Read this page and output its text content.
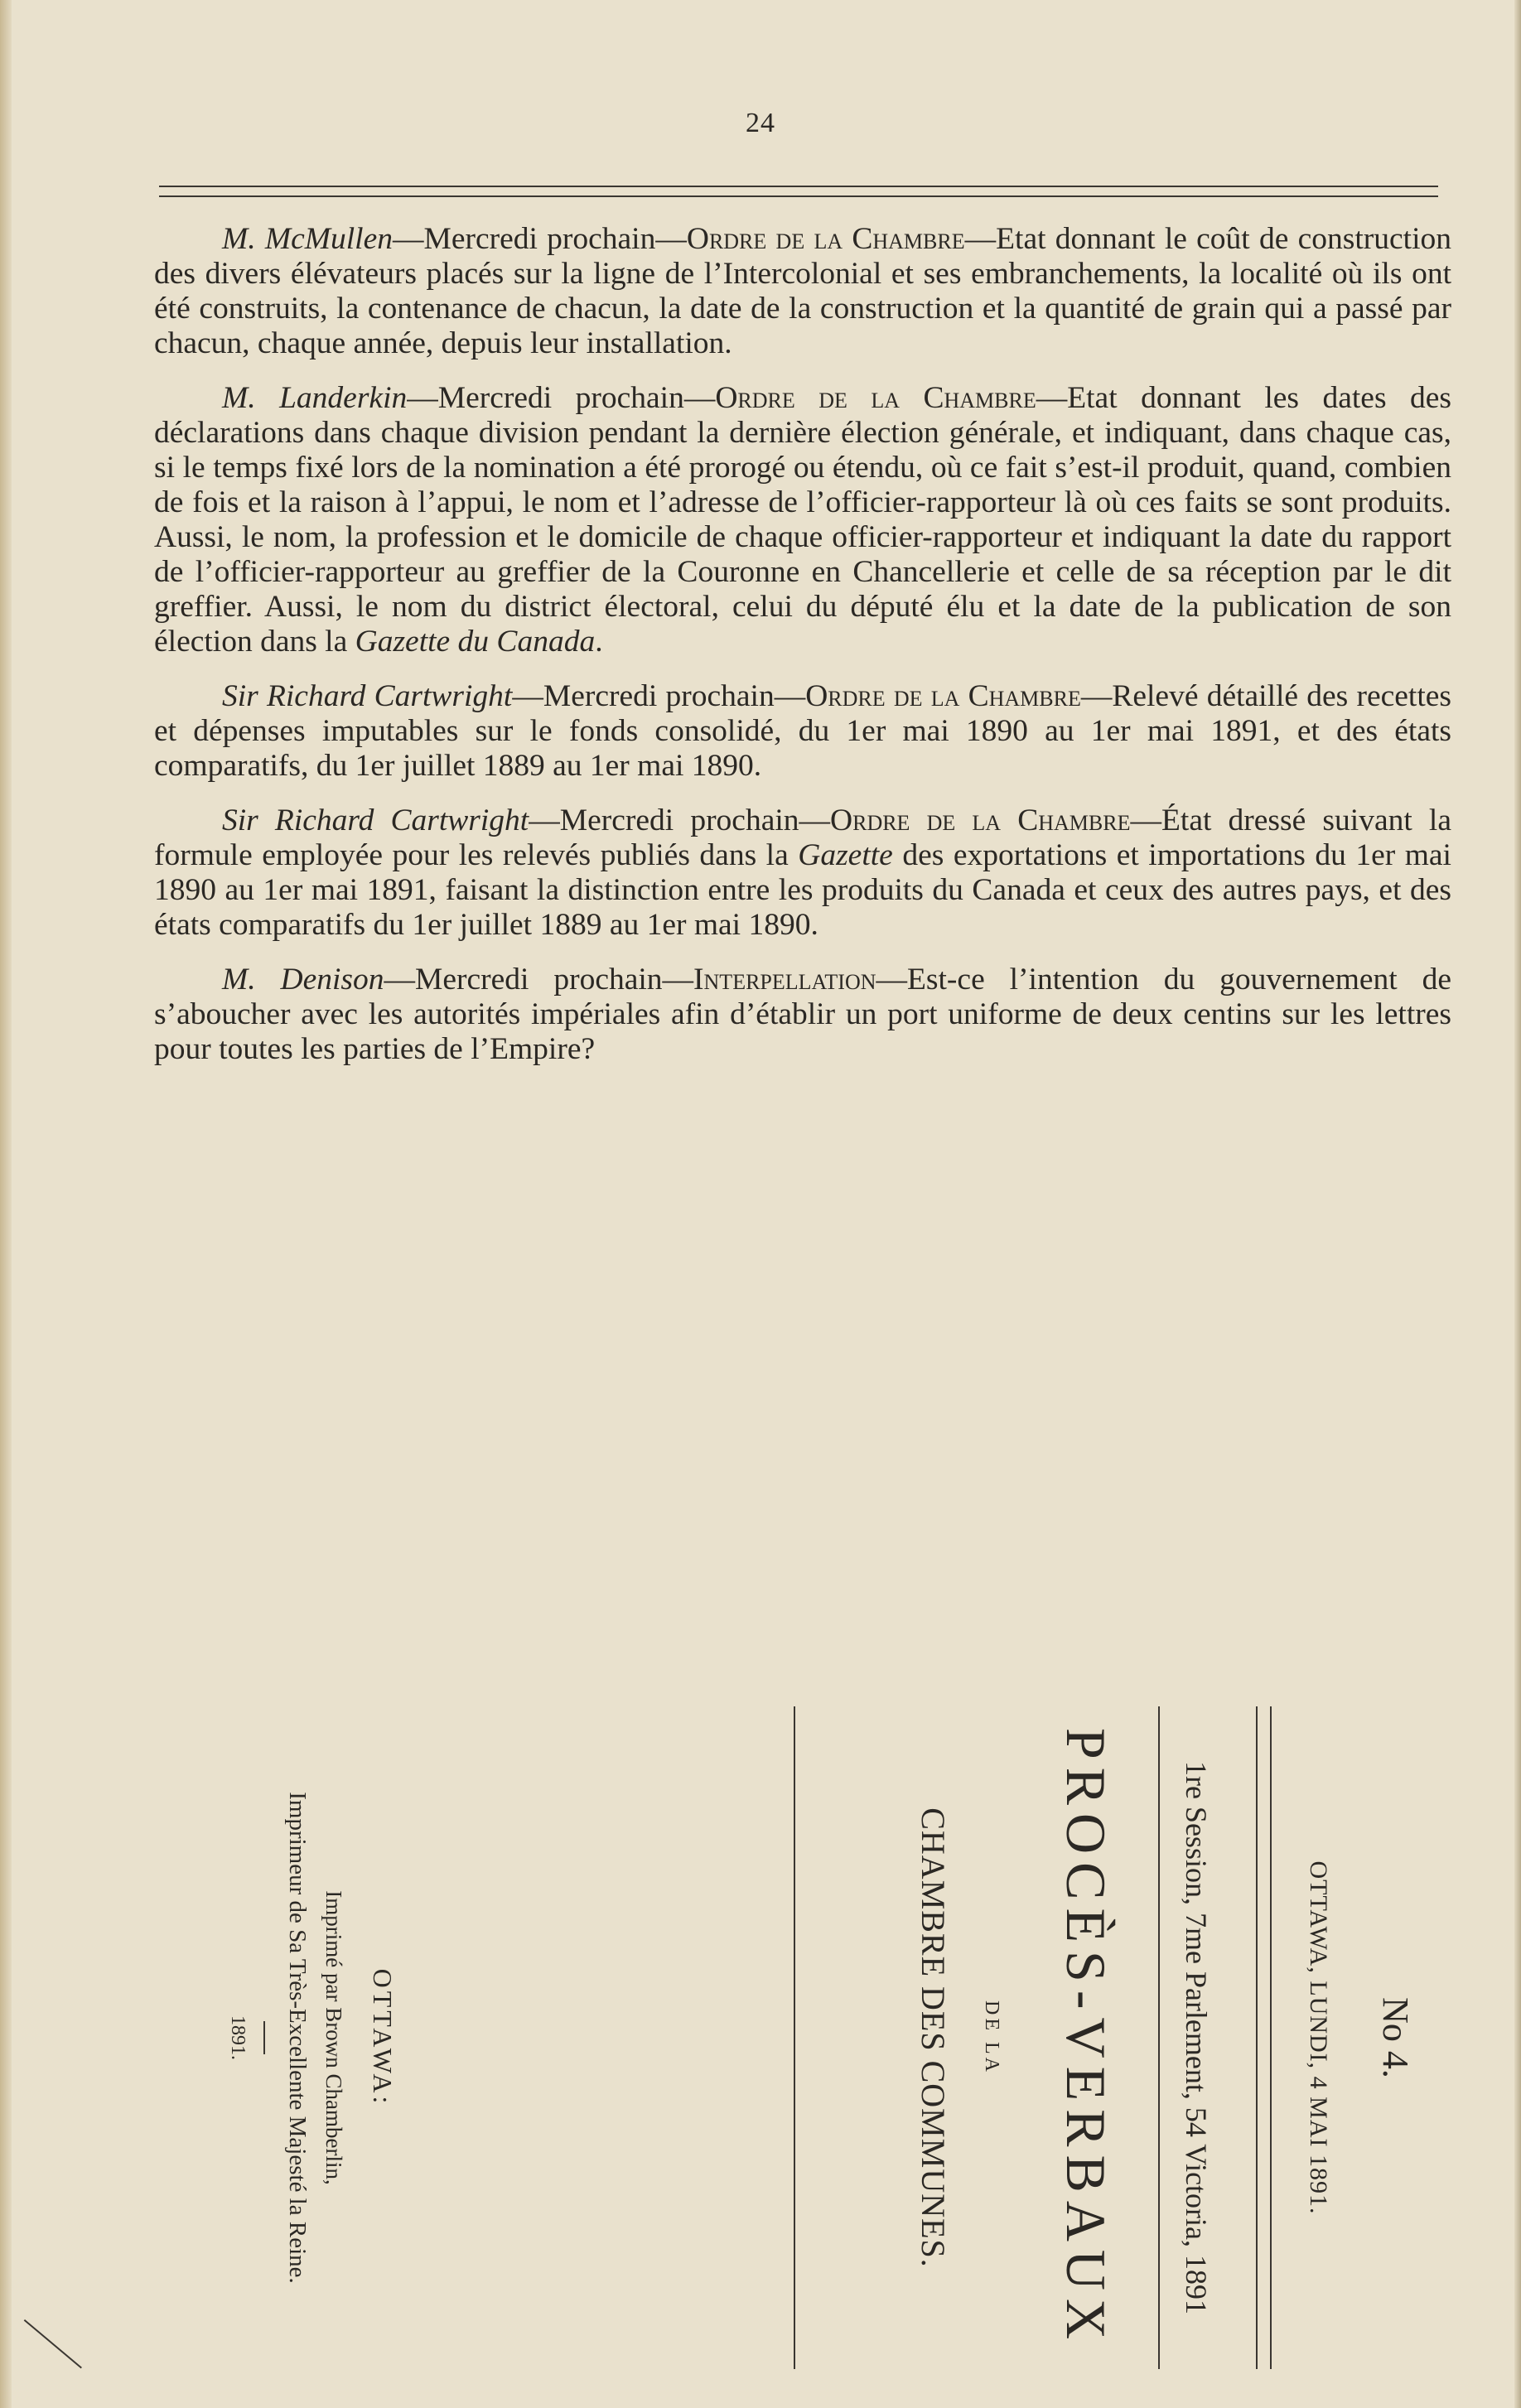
24

M. McMullen—Mercredi prochain—Ordre de la Chambre—Etat donnant le coût de construction des divers élévateurs placés sur la ligne de l’Intercolonial et ses embranchements, la localité où ils ont été construits, la contenance de chacun, la date de la construction et la quantité de grain qui a passé par chacun, chaque année, depuis leur installation.

M. Landerkin—Mercredi prochain—Ordre de la Chambre—Etat donnant les dates des déclarations dans chaque division pendant la dernière élection générale, et indiquant, dans chaque cas, si le temps fixé lors de la nomination a été prorogé ou étendu, où ce fait s’est-il produit, quand, combien de fois et la raison à l’appui, le nom et l’adresse de l’officier-rapporteur là où ces faits se sont produits. Aussi, le nom, la profession et le domicile de chaque officier-rapporteur et indiquant la date du rapport de l’officier-rapporteur au greffier de la Couronne en Chancellerie et celle de sa réception par le dit greffier. Aussi, le nom du district électoral, celui du député élu et la date de la publication de son élection dans la Gazette du Canada.

Sir Richard Cartwright—Mercredi prochain—Ordre de la Chambre—Relevé détaillé des recettes et dépenses imputables sur le fonds consolidé, du 1er mai 1890 au 1er mai 1891, et des états comparatifs, du 1er juillet 1889 au 1er mai 1890.

Sir Richard Cartwright—Mercredi prochain—Ordre de la Chambre—État dressé suivant la formule employée pour les relevés publiés dans la Gazette des exportations et importations du 1er mai 1890 au 1er mai 1891, faisant la distinction entre les produits du Canada et ceux des autres pays, et des états comparatifs du 1er juillet 1889 au 1er mai 1890.

M. Denison—Mercredi prochain—Interpellation—Est-ce l’intention du gouvernement de s’aboucher avec les autorités impériales afin d’établir un port uniforme de deux centins sur les lettres pour toutes les parties de l’Empire?

No 4.
OTTAWA, LUNDI, 4 MAI 1891.
1re Session, 7me Parlement, 54 Victoria, 1891
PROCÈS-VERBAUX
DE LA
CHAMBRE DES COMMUNES.
OTTAWA:
Imprimé par Brown Chamberlin,
Imprimeur de Sa Très-Excellente Majesté la Reine.
1891.
